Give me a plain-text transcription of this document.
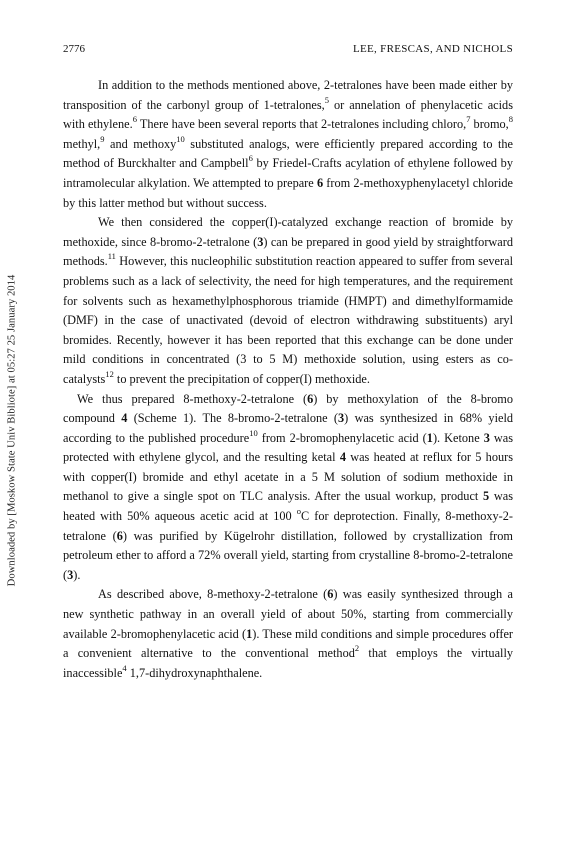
Downloaded by [Moskow State Univ Bibliote] at 05:27 25 January 2014
2776	LEE, FRESCAS, AND NICHOLS

In addition to the methods mentioned above, 2-tetralones have been made either by transposition of the carbonyl group of 1-tetralones,$^5$ or annelation of phenylacetic acids with ethylene.$^6$ There have been several reports that 2-tetralones including chloro,$^7$ bromo,$^8$ methyl,$^9$ and methoxy$^{10}$ substituted analogs, were efficiently prepared according to the method of Burckhalter and Campbell$^6$ by Friedel-Crafts acylation of ethylene followed by intramolecular alkylation. We attempted to prepare 6 from 2-methoxyphenylacetyl chloride by this latter method but without success.

We then considered the copper(I)-catalyzed exchange reaction of bromide by methoxide, since 8-bromo-2-tetralone (3) can be prepared in good yield by straightforward methods.$^{11}$ However, this nucleophilic substitution reaction appeared to suffer from several problems such as a lack of selectivity, the need for high temperatures, and the requirement for solvents such as hexamethylphosphorous triamide (HMPT) and dimethylformamide (DMF) in the case of unactivated (devoid of electron withdrawing substituents) aryl bromides. Recently, however it has been reported that this exchange can be done under mild conditions in concentrated (3 to 5 M) methoxide solution, using esters as co-catalysts$^{12}$ to prevent the precipitation of copper(I) methoxide.

We thus prepared 8-methoxy-2-tetralone (6) by methoxylation of the 8-bromo compound 4 (Scheme 1). The 8-bromo-2-tetralone (3) was synthesized in 68% yield according to the published procedure$^{10}$ from 2-bromophenylacetic acid (1). Ketone 3 was protected with ethylene glycol, and the resulting ketal 4 was heated at reflux for 5 hours with copper(I) bromide and ethyl acetate in a 5 M solution of sodium methoxide in methanol to give a single spot on TLC analysis. After the usual workup, product 5 was heated with 50% aqueous acetic acid at 100 $^o$C for deprotection. Finally, 8-methoxy-2-tetralone (6) was purified by Kügelrohr distillation, followed by crystallization from petroleum ether to afford a 72% overall yield, starting from crystalline 8-bromo-2-tetralone (3).

As described above, 8-methoxy-2-tetralone (6) was easily synthesized through a new synthetic pathway in an overall yield of about 50%, starting from commercially available 2-bromophenylacetic acid (1). These mild conditions and simple procedures offer a convenient alternative to the conventional method$^2$ that employs the virtually inaccessible$^4$ 1,7-dihydroxynaphthalene.
